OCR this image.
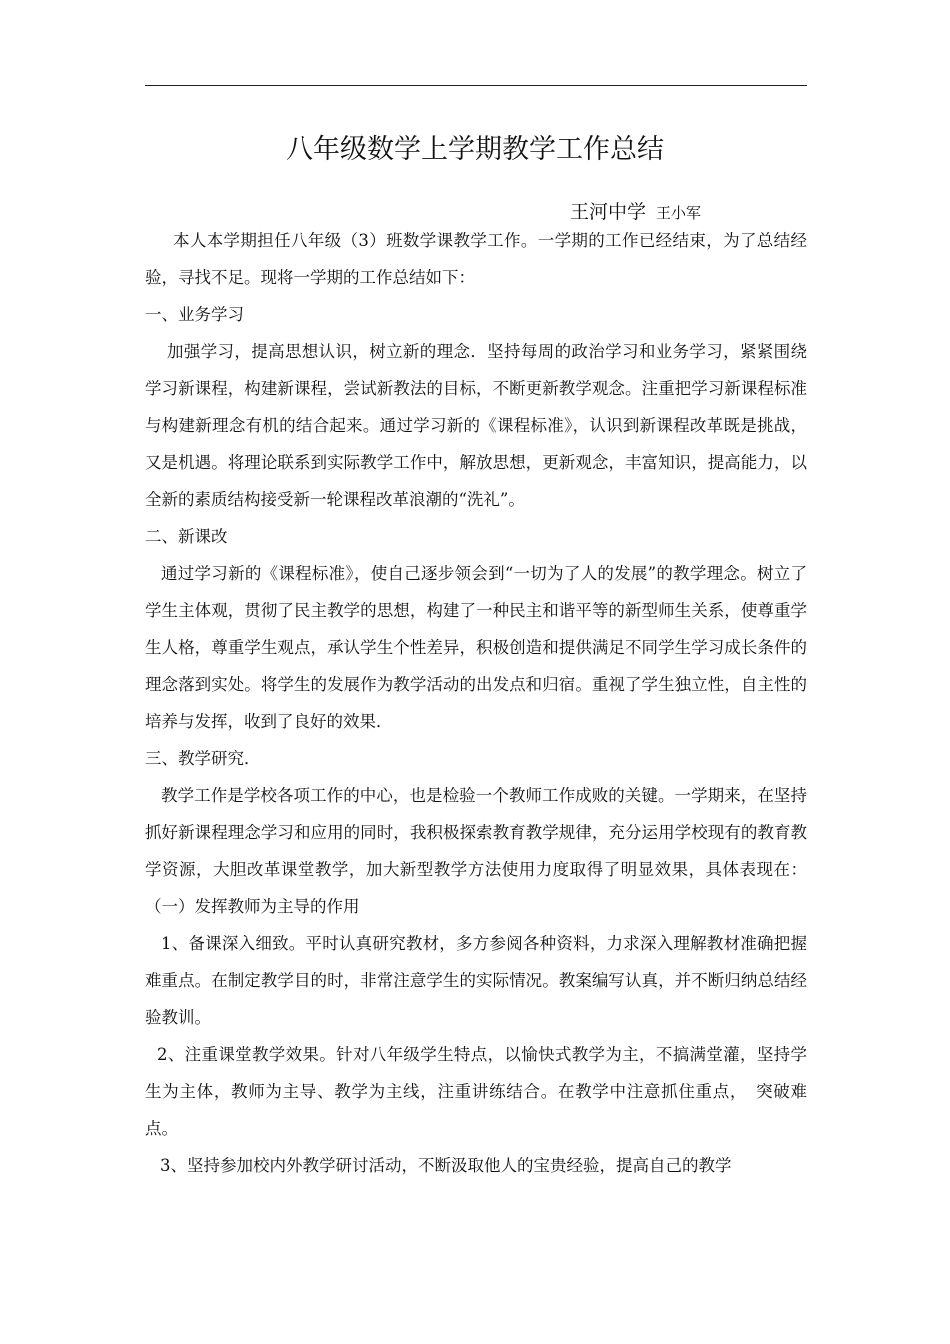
八年级数学上学期教学工作总结
王河中学 王小军

本人本学期担任八年级（3）班数学课教学工作。一学期的工作已经结束，为了总结经验，寻找不足。现将一学期的工作总结如下：

一、业务学习

加强学习，提高思想认识，树立新的理念．坚持每周的政治学习和业务学习，紧紧围绕学习新课程，构建新课程，尝试新教法的目标，不断更新教学观念。注重把学习新课程标准与构建新理念有机的结合起来。通过学习新的《课程标准》，认识到新课程改革既是挑战，又是机遇。将理论联系到实际教学工作中，解放思想，更新观念，丰富知识，提高能力，以全新的素质结构接受新一轮课程改革浪潮的“洗礼”。

二、新课改

通过学习新的《课程标准》，使自己逐步领会到“一切为了人的发展”的教学理念。树立了学生主体观，贯彻了民主教学的思想，构建了一种民主和谐平等的新型师生关系，使尊重学生人格，尊重学生观点，承认学生个性差异，积极创造和提供满足不同学生学习成长条件的理念落到实处。将学生的发展作为教学活动的出发点和归宿。重视了学生独立性，自主性的培养与发挥，收到了良好的效果．

三、教学研究．

教学工作是学校各项工作的中心，也是检验一个教师工作成败的关键。一学期来，在坚持抓好新课程理念学习和应用的同时，我积极探索教育教学规律，充分运用学校现有的教育教学资源，大胆改革课堂教学，加大新型教学方法使用力度取得了明显效果，具体表现在：（一）发挥教师为主导的作用

1、备课深入细致。平时认真研究教材，多方参阅各种资料，力求深入理解教材准确把握难重点。在制定教学目的时，非常注意学生的实际情况。教案编写认真，并不断归纳总结经验教训。

2、注重课堂教学效果。针对八年级学生特点，以愉快式教学为主，不搞满堂灌，坚持学生为主体，教师为主导、教学为主线，注重讲练结合。在教学中注意抓住重点，　突破难点。

3、坚持参加校内外教学研讨活动，不断汲取他人的宝贵经验，提高自己的教学
